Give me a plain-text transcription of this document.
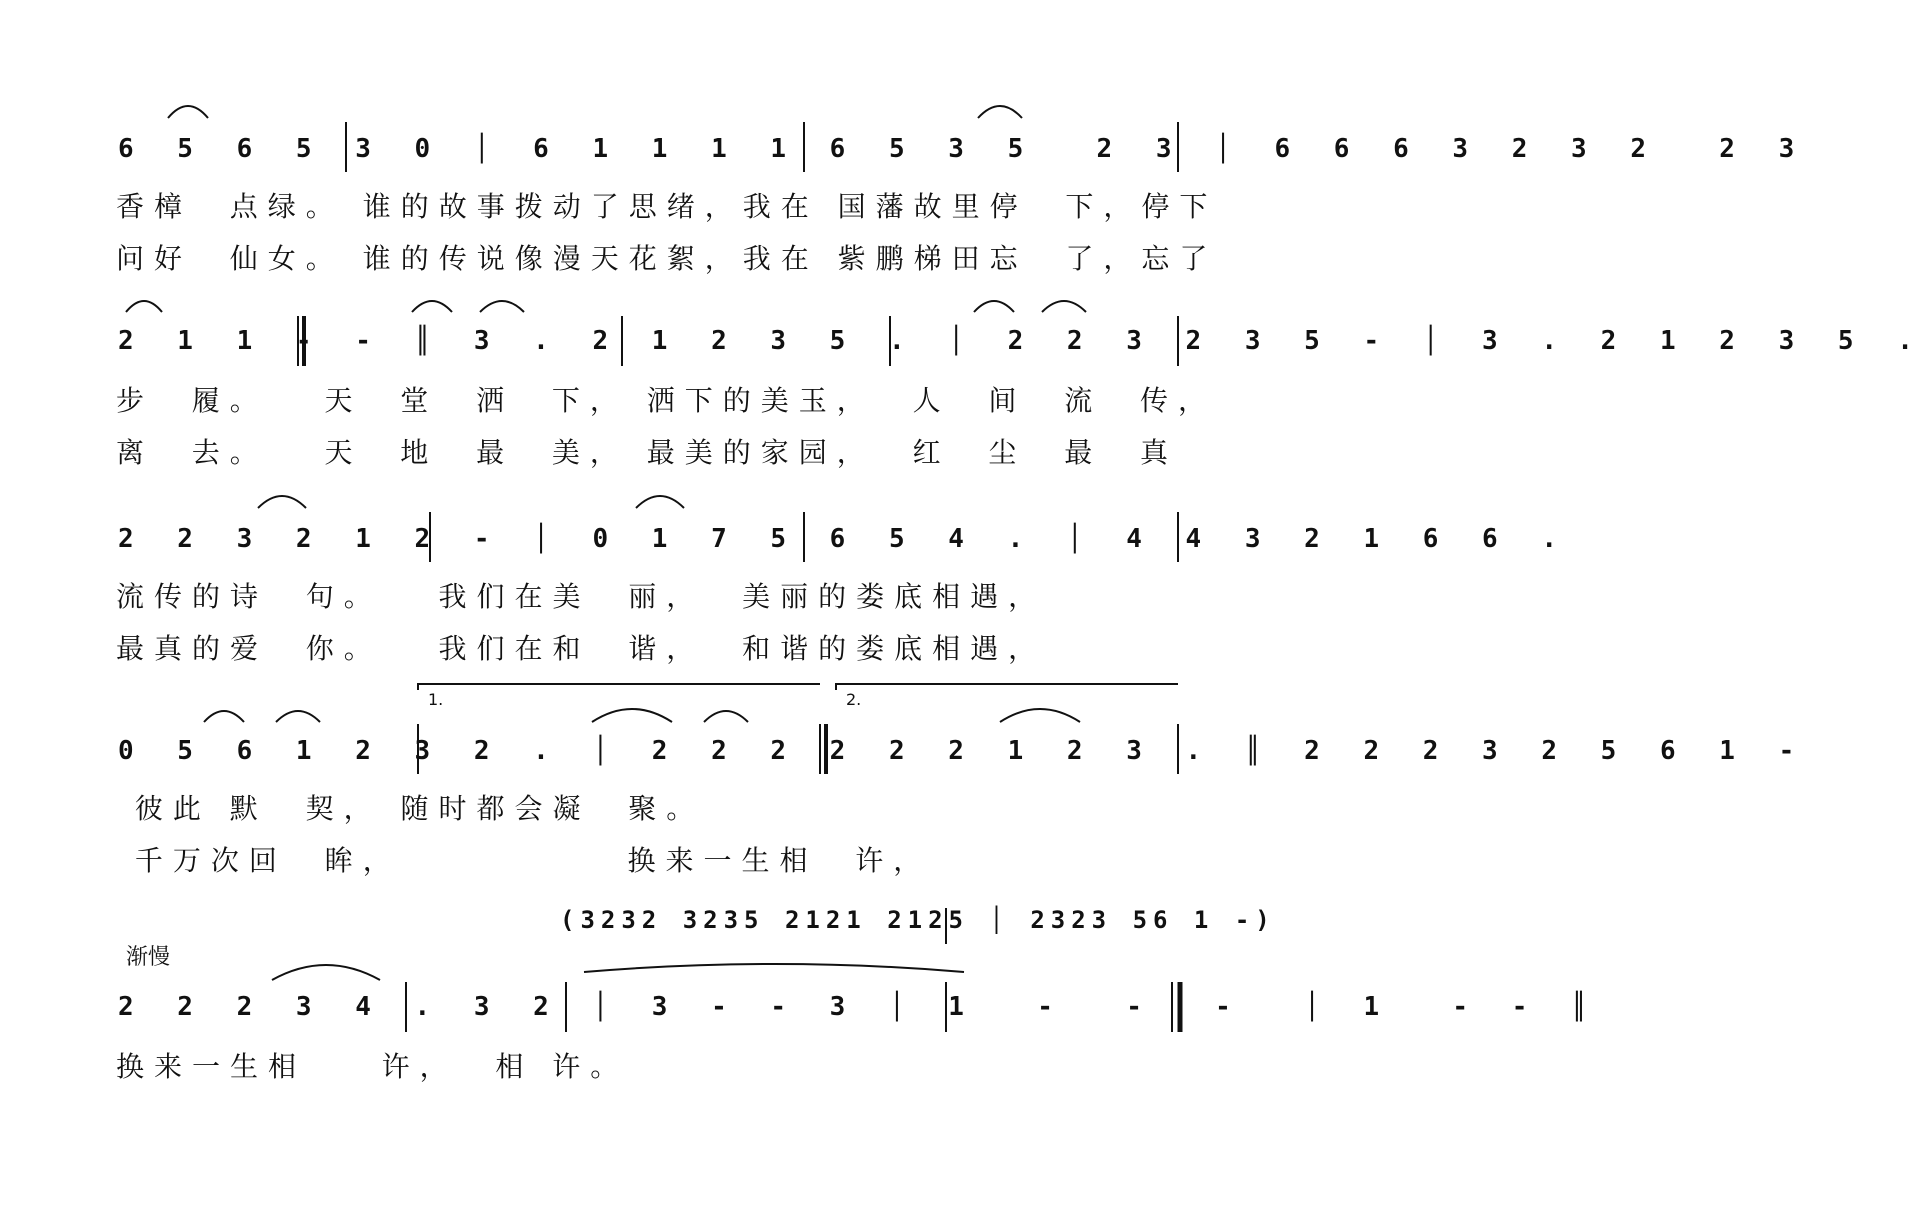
6 5 6 5 3 0 │ 6 1 1 1 1 6 5 3 5  2 3 │ 6 6 6 3 2 3 2  2 3
香樟  点绿。 谁的故事拨动了思绪，我在 国藩故里停  下，停下
问好  仙女。 谁的传说像漫天花絮，我在 紫鹏梯田忘  了，忘了
2 1 1 - - ║ 3 . 2 1 2 3 5 . │ 2 2 3 2 3 5 - │ 3 . 2 1 2 3 5 .
步  履。   天  堂  洒  下， 洒下的美玉，  人  间  流  传，
离  去。   天  地  最  美， 最美的家园，  红  尘  最  真
2 2 3 2 1 2 - │ 0 1 7 5 6 5 4 . │ 4 4 3 2 1 6 6 .
流传的诗  句。   我们在美  丽，  美丽的娄底相遇，
最真的爱  你。   我们在和  谐，  和谐的娄底相遇，
1.	2.
0 5 6 1 2 3 2 . │ 2 2 2 2 2 2 1 2 3 . ║ 2 2 2 3 2 5 6 1 -
彼此 默  契， 随时都会凝  聚。
千万次回  眸，            换来一生相  许，
(3232 3235 2121 2125 │ 2323 56 1 -)
渐慢
2 2 2 3 4 . 3 2 │ 3 - - 3 │ 1  -  -  -  │ 1  - - ║
换来一生相    许，  相 许。
